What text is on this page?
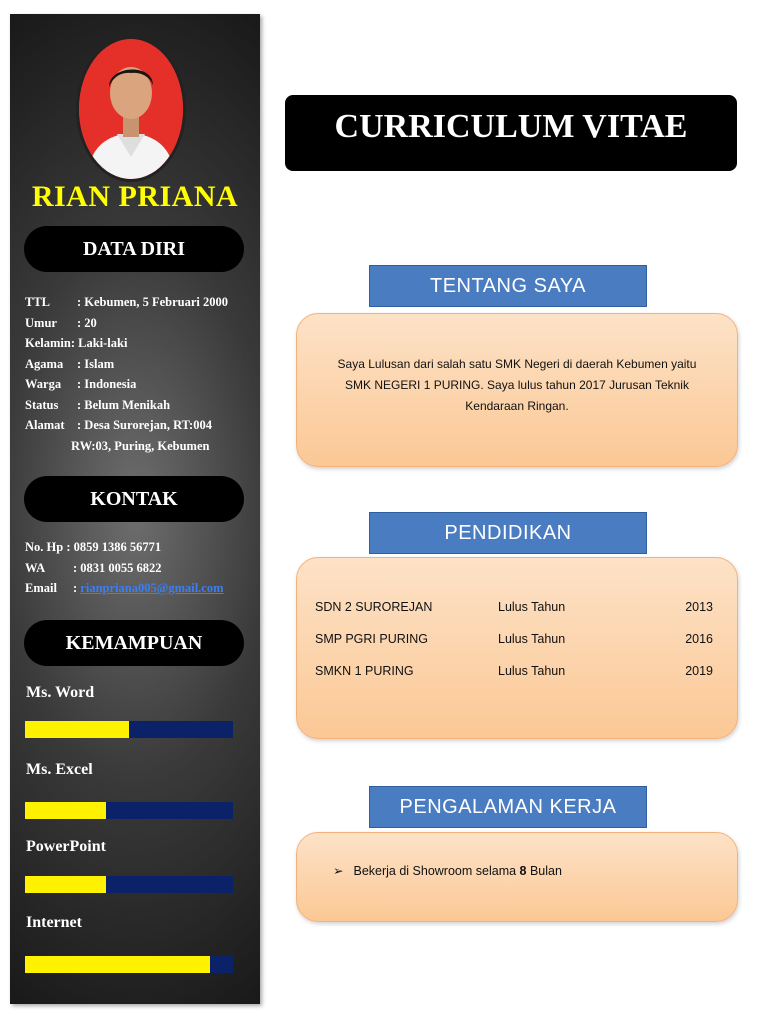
RIAN PRIANA
DATA DIRI
TTL	: Kebumen, 5 Februari 2000
Umur	: 20
Kelamin : Laki-laki
Agama	: Islam
Warga	: Indonesia
Status	: Belum Menikah
Alamat : Desa Surorejan, RT:004
RW:03, Puring, Kebumen
KONTAK
No. Hp
: 0859 1386 56771
WA	: 0831 0055 6822
Email	: rianpriana005@gmail.com
KEMAMPUAN
Ms. Word
Ms. Excel
PowerPoint
Internet
CURRICULUM VITAE
TENTANG SAYA
Saya Lulusan dari salah satu SMK Negeri di daerah Kebumen yaitu
SMK NEGERI 1 PURING. Saya lulus tahun 2017 Jurusan Teknik
Kendaraan Ringan.
PENDIDIKAN
SDN 2 SUROREJAN	Lulus Tahun	2013
SMP PGRI PURING	Lulus Tahun	2016
SMKN 1 PURING	Lulus Tahun	2019
PENGALAMAN KERJA
➢ Bekerja di Showroom selama 8 Bulan
